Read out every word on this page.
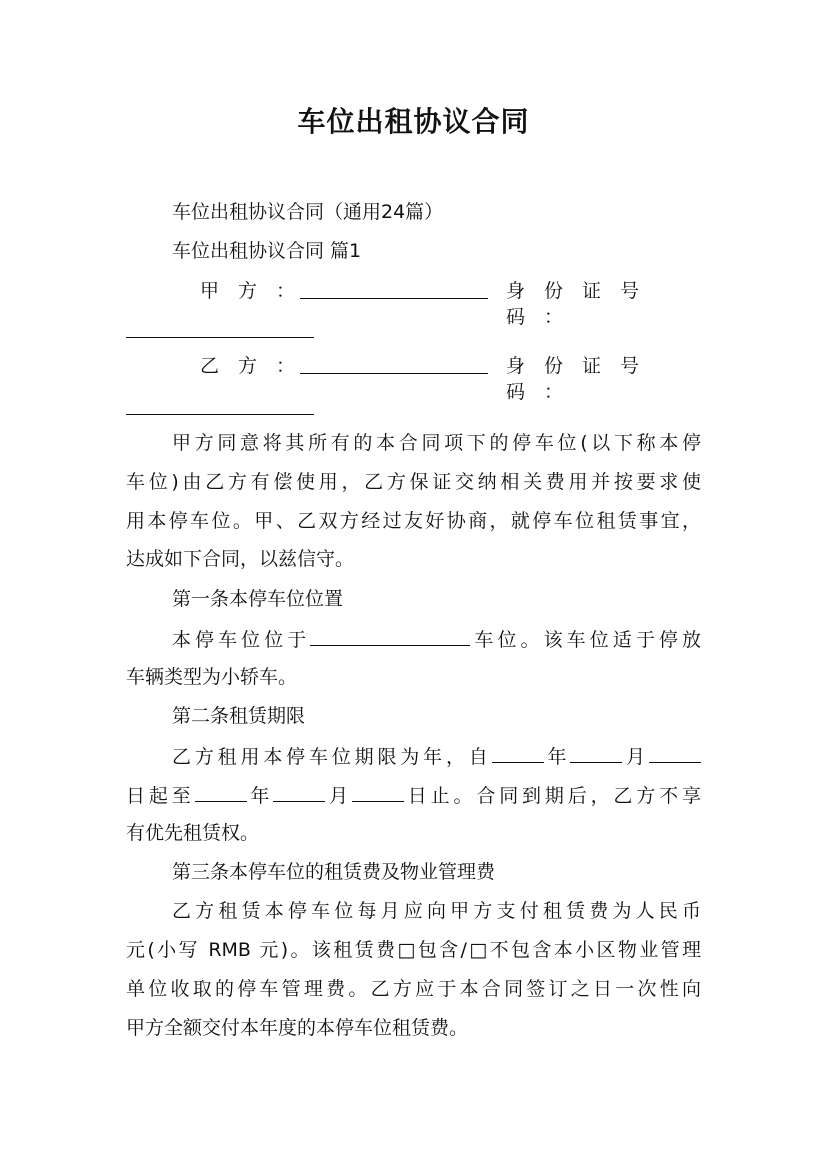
车位出租协议合同
车位出租协议合同（通用24篇）
车位出租协议合同 篇1
甲　方　：	身　份　证　号　码　：
乙　方　：	身　份　证　号　码　：
甲方同意将其所有的本合同项下的停车位(以下称本停
车位)由乙方有偿使用，乙方保证交纳相关费用并按要求使
用本停车位。甲、乙双方经过友好协商，就停车位租赁事宜，
达成如下合同，以兹信守。
第一条本停车位位置
本停车位位于	车位。该车位适于停放
车辆类型为小轿车。
第二条租赁期限
乙方租用本停车位期限为年，自	年	月
日起至	年	月	日止。合同到期后，乙方不享
有优先租赁权。
第三条本停车位的租赁费及物业管理费
乙方租赁本停车位每月应向甲方支付租赁费为人民币
元(小写 RMB 元)。该租赁费□包含/□不包含本小区物业管理
单位收取的停车管理费。乙方应于本合同签订之日一次性向
甲方全额交付本年度的本停车位租赁费。
